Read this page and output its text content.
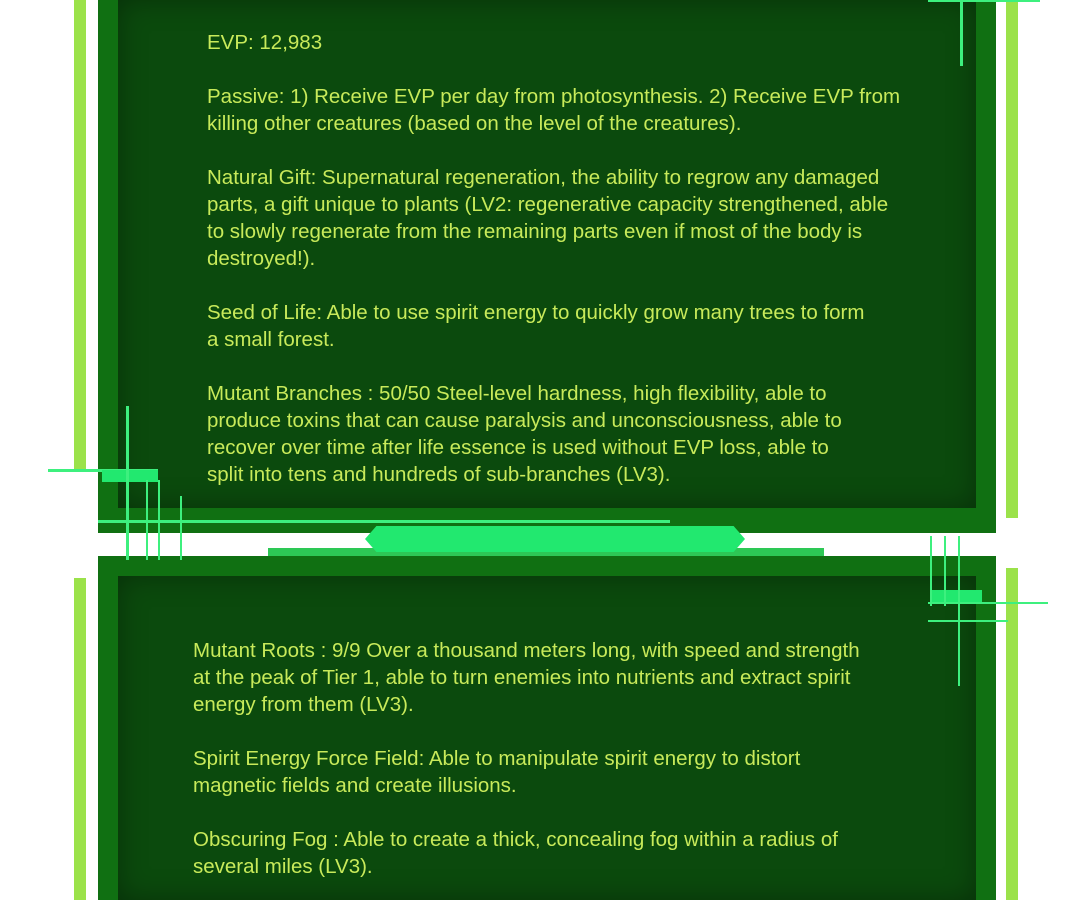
EVP: 12,983

Passive: 1) Receive EVP per day from photosynthesis. 2) Receive EVP from
killing other creatures (based on the level of the creatures).

Natural Gift: Supernatural regeneration, the ability to regrow any damaged
parts, a gift unique to plants (LV2: regenerative capacity strengthened, able
to slowly regenerate from the remaining parts even if most of the body is
destroyed!).

Seed of Life: Able to use spirit energy to quickly grow many trees to form
a small forest.

Mutant Branches : 50/50 Steel-level hardness, high flexibility, able to
produce toxins that can cause paralysis and unconsciousness, able to
recover over time after life essence is used without EVP loss, able to
split into tens and hundreds of sub-branches (LV3).

Mutant Roots : 9/9 Over a thousand meters long, with speed and strength
at the peak of Tier 1, able to turn enemies into nutrients and extract spirit
energy from them (LV3).

Spirit Energy Force Field: Able to manipulate spirit energy to distort
magnetic fields and create illusions.

Obscuring Fog : Able to create a thick, concealing fog within a radius of
several miles (LV3).
